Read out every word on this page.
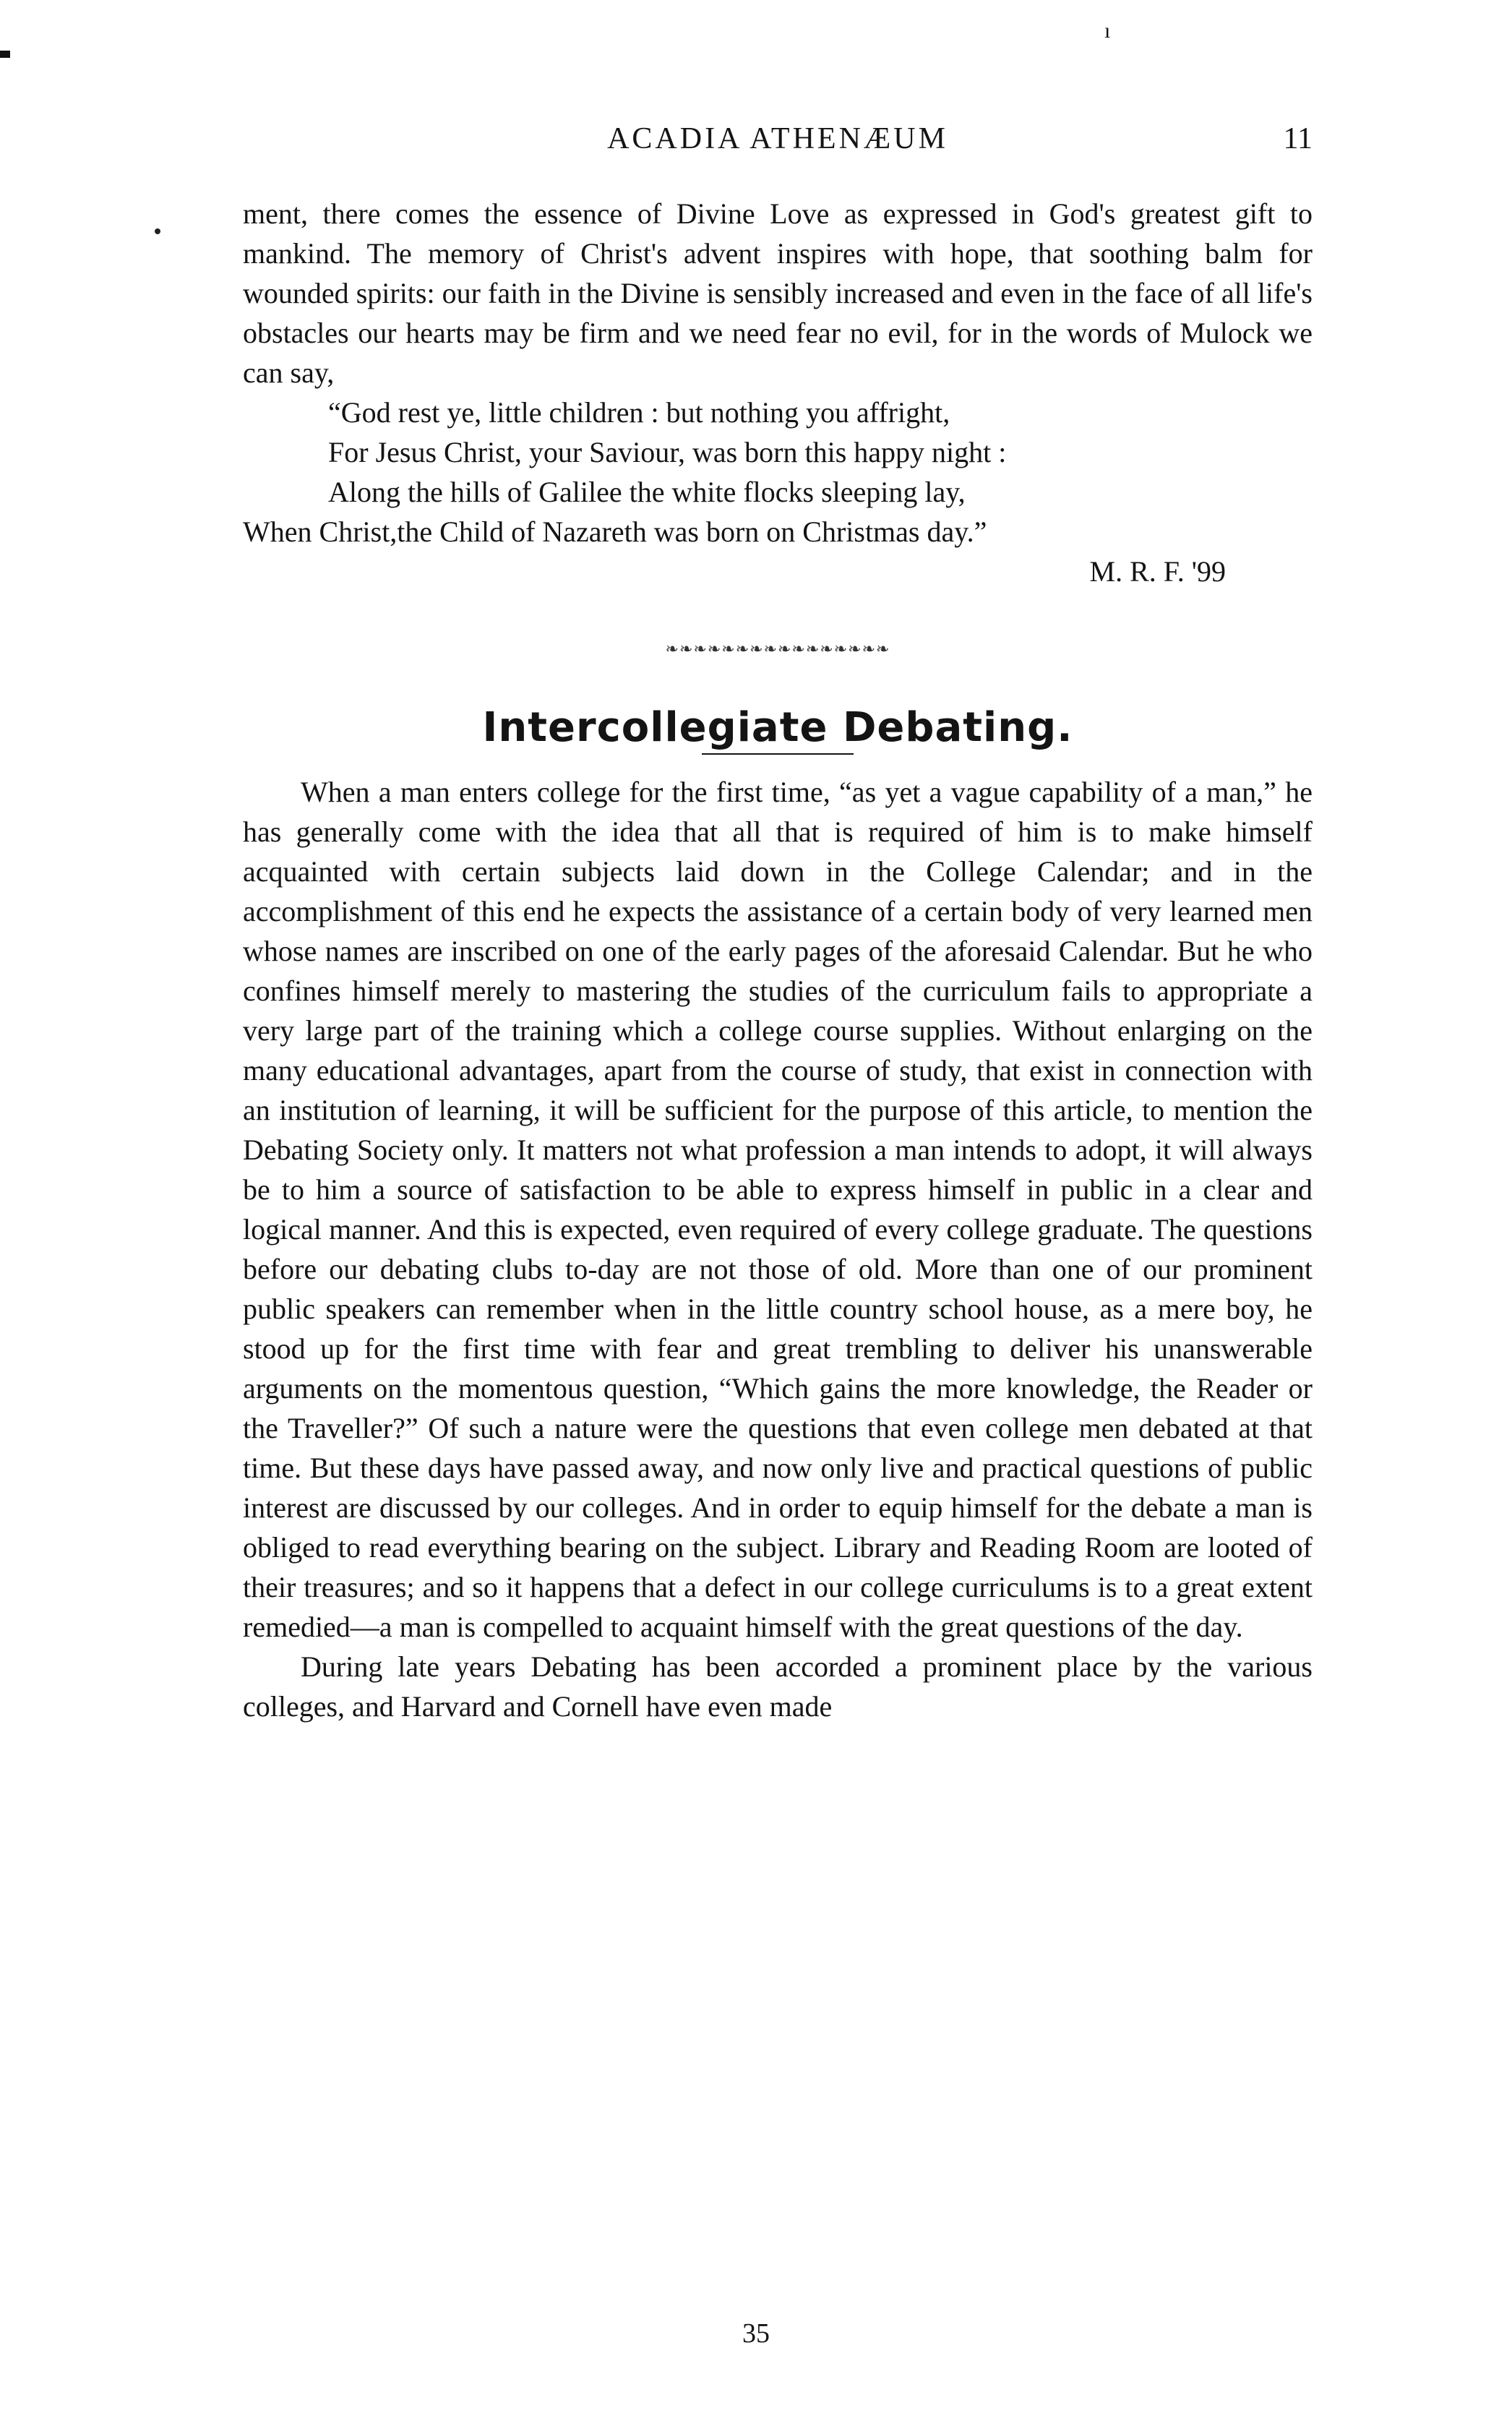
ı
ACADIA ATHENÆUM	11

ment, there comes the essence of Divine Love as expressed in God's greatest gift to mankind. The memory of Christ's advent inspires with hope, that soothing balm for wounded spirits: our faith in the Divine is sensibly increased and even in the face of all life's obstacles our hearts may be firm and we need fear no evil, for in the words of Mulock we can say,

“God rest ye, little children : but nothing you affright,
For Jesus Christ, your Saviour, was born this happy night :
Along the hills of Galilee the white flocks sleeping lay,
When Christ,the Child of Nazareth was born on Christmas day.”

M. R. F. '99

❧❧❧❧❧❧❧❧❧❧❧❧❧❧❧❧
Intercollegiate Debating.

When a man enters college for the first time, “as yet a vague capability of a man,” he has generally come with the idea that all that is required of him is to make himself acquainted with certain subjects laid down in the College Calendar; and in the accomplishment of this end he expects the assistance of a certain body of very learned men whose names are inscribed on one of the early pages of the aforesaid Calendar. But he who confines himself merely to mastering the studies of the curriculum fails to appropriate a very large part of the training which a college course supplies. Without enlarging on the many educational advantages, apart from the course of study, that exist in connection with an institution of learning, it will be sufficient for the purpose of this article, to mention the Debating Society only. It matters not what profession a man intends to adopt, it will always be to him a source of satisfaction to be able to express himself in public in a clear and logical manner. And this is expected, even required of every college graduate. The questions before our debating clubs to-day are not those of old. More than one of our prominent public speakers can remember when in the little country school house, as a mere boy, he stood up for the first time with fear and great trembling to deliver his unanswerable arguments on the momentous question, “Which gains the more knowledge, the Reader or the Traveller?” Of such a nature were the questions that even college men debated at that time. But these days have passed away, and now only live and practical questions of public interest are discussed by our colleges. And in order to equip himself for the debate a man is obliged to read everything bearing on the subject. Library and Reading Room are looted of their treasures; and so it happens that a defect in our college curriculums is to a great extent remedied—a man is compelled to acquaint himself with the great questions of the day.

During late years Debating has been accorded a prominent place by the various colleges, and Harvard and Cornell have even made

35
